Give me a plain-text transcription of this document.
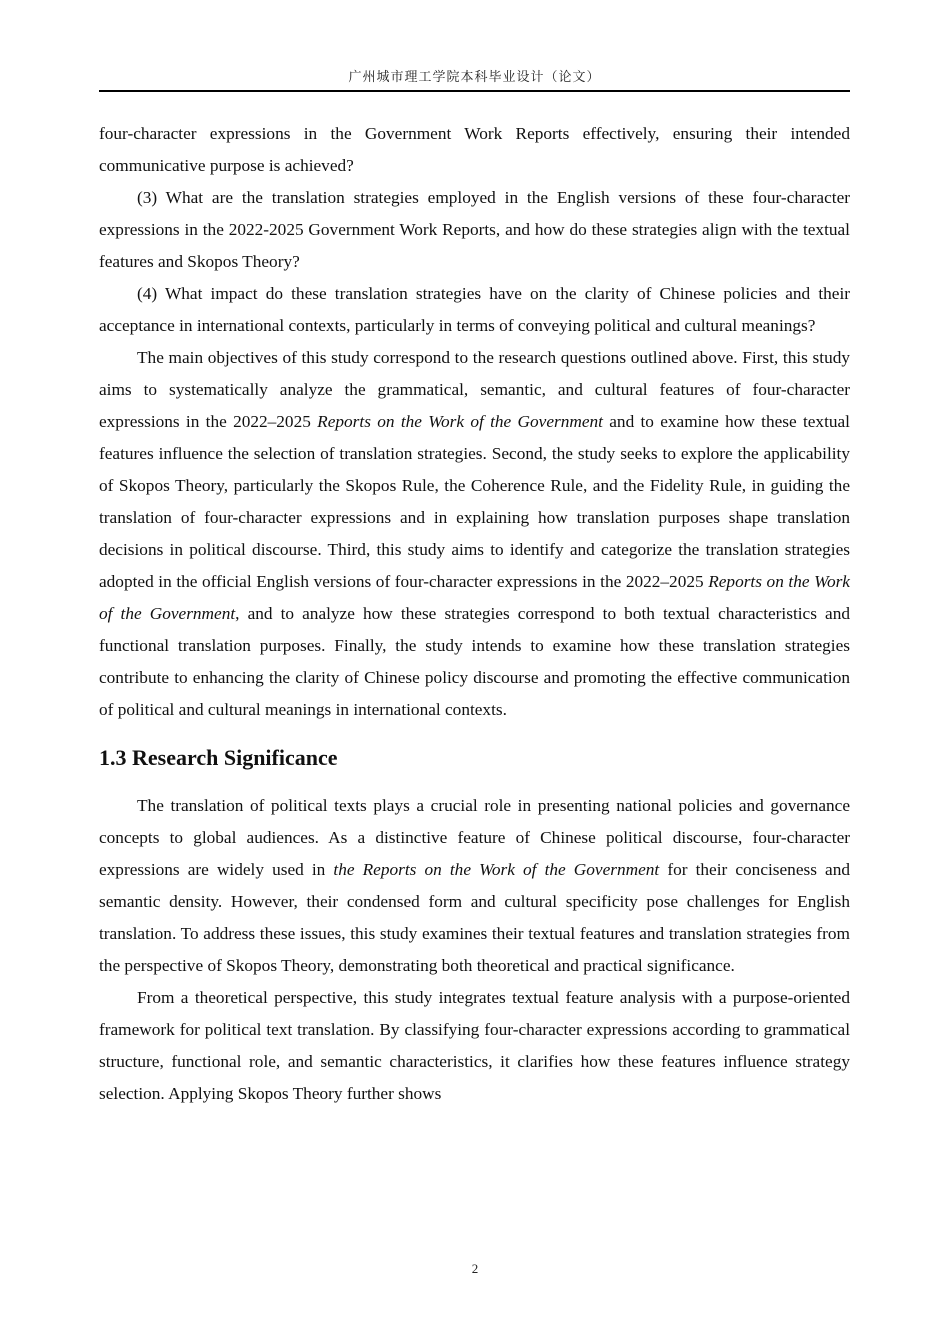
广州城市理工学院本科毕业设计（论文）

four-character expressions in the Government Work Reports effectively, ensuring their intended communicative purpose is achieved?

(3) What are the translation strategies employed in the English versions of these four-character expressions in the 2022-2025 Government Work Reports, and how do these strategies align with the textual features and Skopos Theory?

(4) What impact do these translation strategies have on the clarity of Chinese policies and their acceptance in international contexts, particularly in terms of conveying political and cultural meanings?

The main objectives of this study correspond to the research questions outlined above. First, this study aims to systematically analyze the grammatical, semantic, and cultural features of four-character expressions in the 2022–2025 Reports on the Work of the Government and to examine how these textual features influence the selection of translation strategies. Second, the study seeks to explore the applicability of Skopos Theory, particularly the Skopos Rule, the Coherence Rule, and the Fidelity Rule, in guiding the translation of four-character expressions and in explaining how translation purposes shape translation decisions in political discourse. Third, this study aims to identify and categorize the translation strategies adopted in the official English versions of four-character expressions in the 2022–2025 Reports on the Work of the Government, and to analyze how these strategies correspond to both textual characteristics and functional translation purposes. Finally, the study intends to examine how these translation strategies contribute to enhancing the clarity of Chinese policy discourse and promoting the effective communication of political and cultural meanings in international contexts.

1.3 Research Significance

The translation of political texts plays a crucial role in presenting national policies and governance concepts to global audiences. As a distinctive feature of Chinese political discourse, four-character expressions are widely used in the Reports on the Work of the Government for their conciseness and semantic density. However, their condensed form and cultural specificity pose challenges for English translation. To address these issues, this study examines their textual features and translation strategies from the perspective of Skopos Theory, demonstrating both theoretical and practical significance.

From a theoretical perspective, this study integrates textual feature analysis with a purpose-oriented framework for political text translation. By classifying four-character expressions according to grammatical structure, functional role, and semantic characteristics, it clarifies how these features influence strategy selection. Applying Skopos Theory further shows

2
